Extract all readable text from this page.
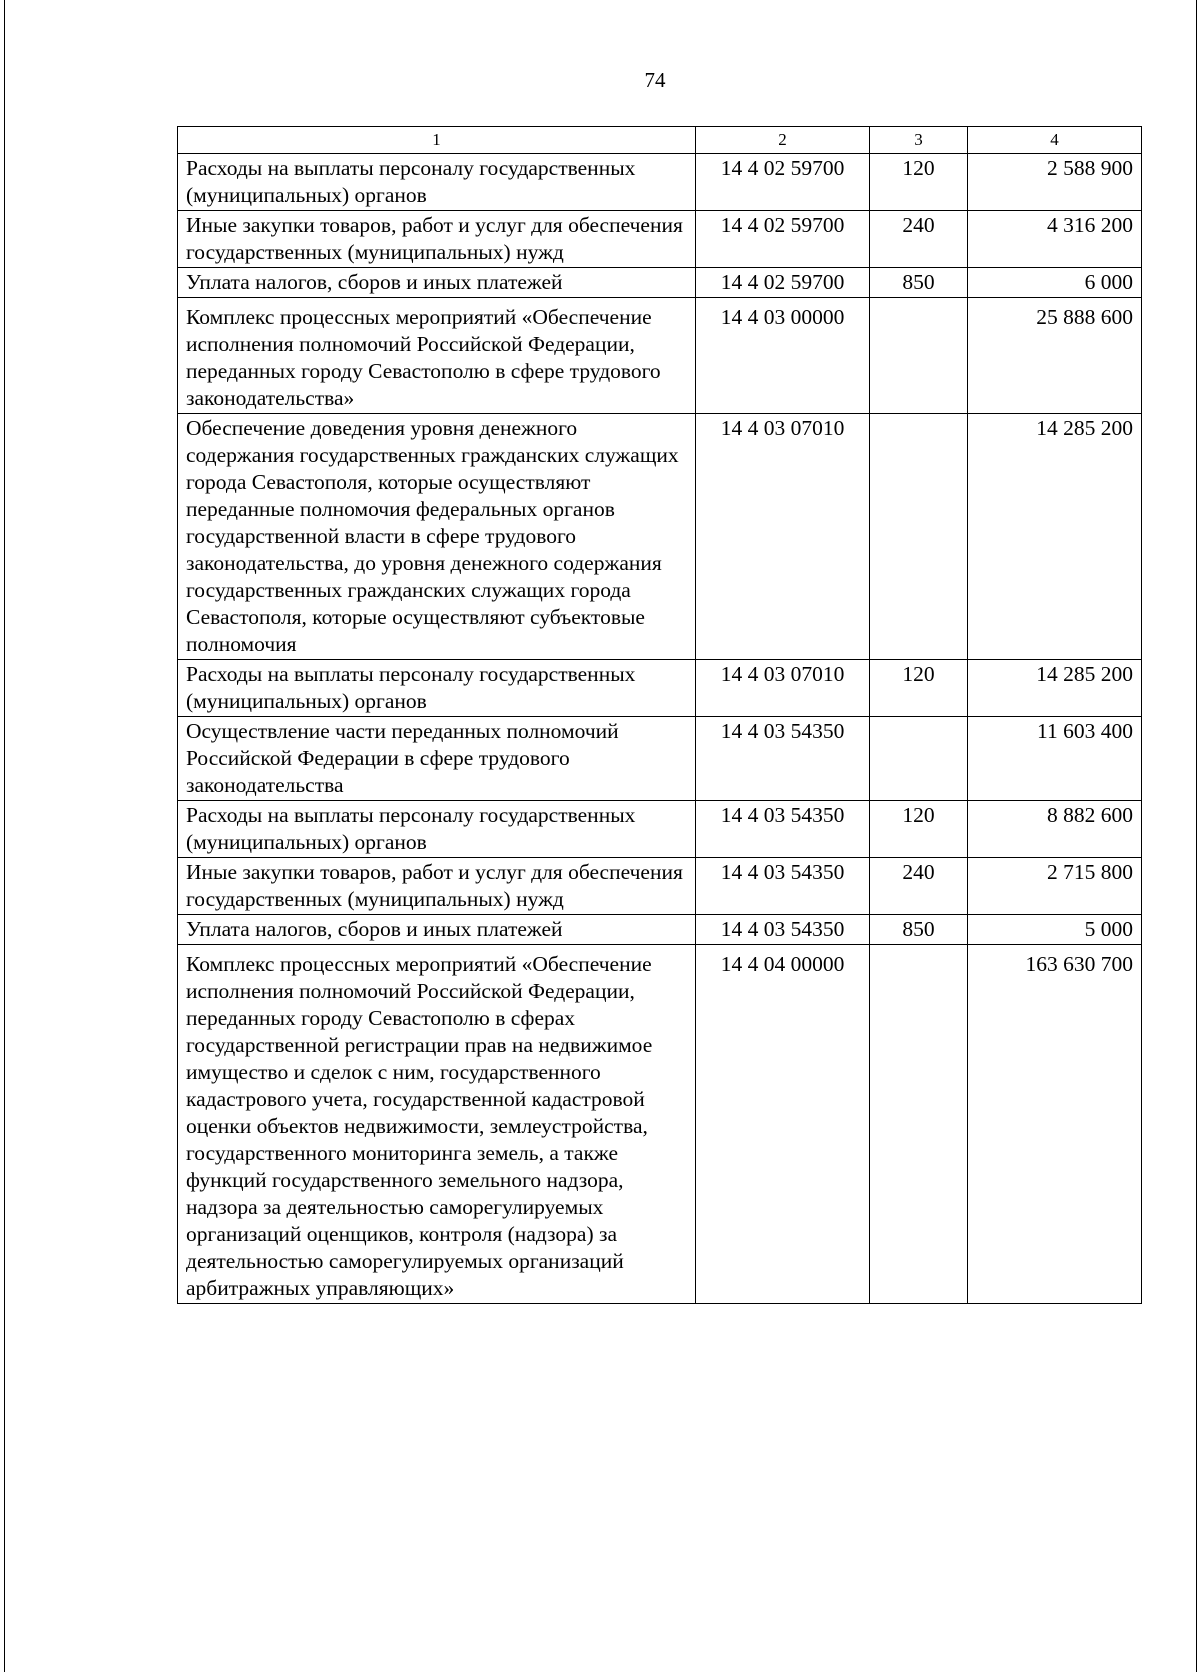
74
1	2	3	4
Расходы на выплаты персоналу государственных (муниципальных) органов	14 4 02 59700	120	2 588 900
Иные закупки товаров, работ и услуг для обеспечения государственных (муниципальных) нужд	14 4 02 59700	240	4 316 200
Уплата налогов, сборов и иных платежей	14 4 02 59700	850	6 000
Комплекс процессных мероприятий «Обеспечение исполнения полномочий Российской Федерации, переданных городу Севастополю в сфере трудового законодательства»	14 4 03 00000		25 888 600
Обеспечение доведения уровня денежного содержания государственных гражданских служащих города Севастополя, которые осуществляют переданные полномочия федеральных органов государственной власти в сфере трудового законодательства, до уровня денежного содержания государственных гражданских служащих города Севастополя, которые осуществляют субъектовые полномочия	14 4 03 07010		14 285 200
Расходы на выплаты персоналу государственных (муниципальных) органов	14 4 03 07010	120	14 285 200
Осуществление части переданных полномочий Российской Федерации в сфере трудового законодательства	14 4 03 54350		11 603 400
Расходы на выплаты персоналу государственных (муниципальных) органов	14 4 03 54350	120	8 882 600
Иные закупки товаров, работ и услуг для обеспечения государственных (муниципальных) нужд	14 4 03 54350	240	2 715 800
Уплата налогов, сборов и иных платежей	14 4 03 54350	850	5 000
Комплекс процессных мероприятий «Обеспечение исполнения полномочий Российской Федерации, переданных городу Севастополю в сферах государственной регистрации прав на недвижимое имущество и сделок с ним, государственного кадастрового учета, государственной кадастровой оценки объектов недвижимости, землеустройства, государственного мониторинга земель, а также функций государственного земельного надзора, надзора за деятельностью саморегулируемых организаций оценщиков, контроля (надзора) за деятельностью саморегулируемых организаций арбитражных управляющих»	14 4 04 00000		163 630 700
